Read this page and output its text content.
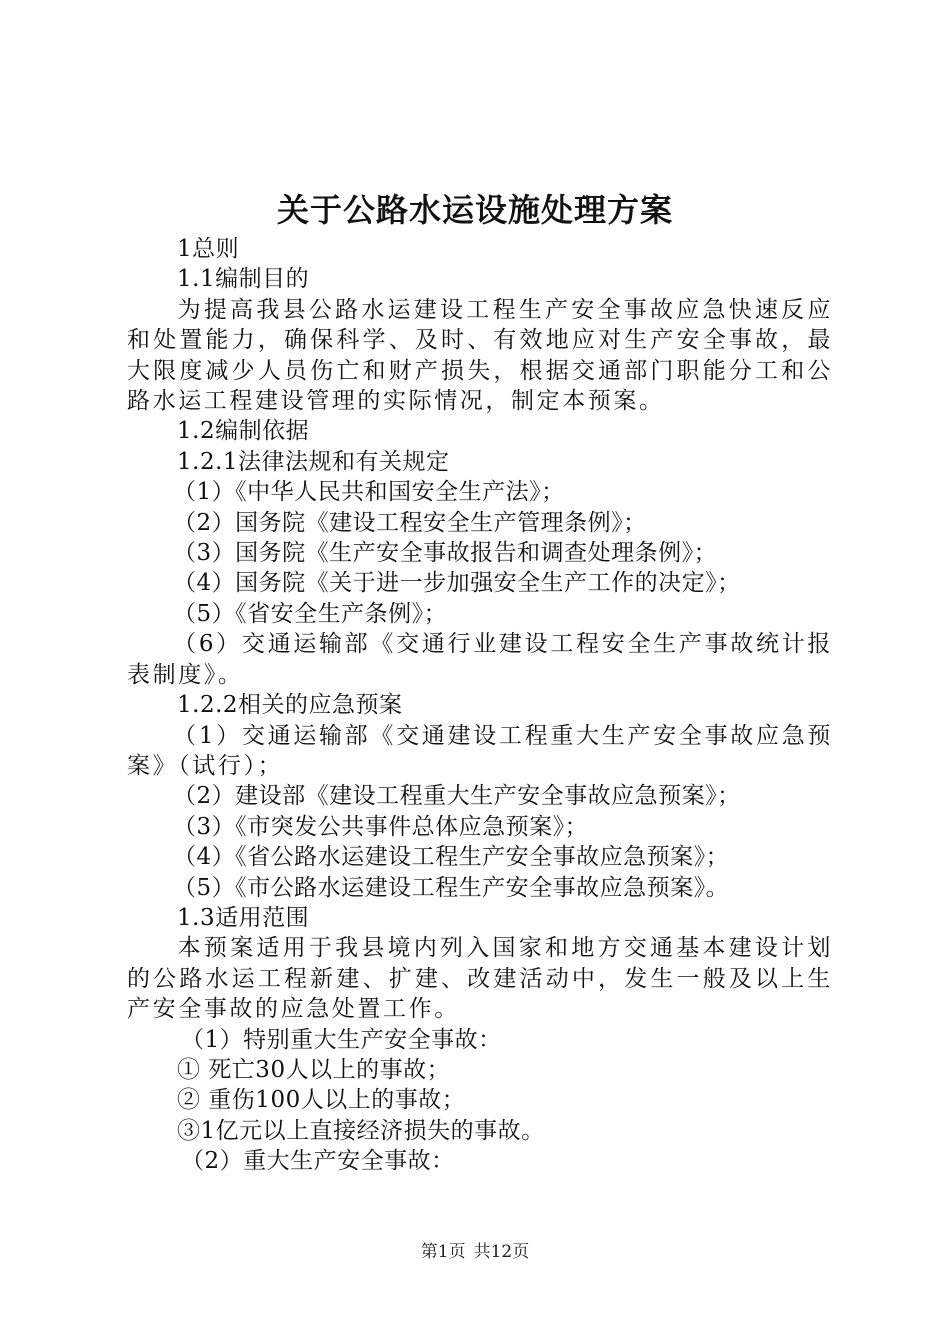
关于公路水运设施处理方案

1总则

1.1编制目的

为提高我县公路水运建设工程生产安全事故应急快速反应和处置能力，确保科学、及时、有效地应对生产安全事故，最大限度减少人员伤亡和财产损失，根据交通部门职能分工和公路水运工程建设管理的实际情况，制定本预案。

1.2编制依据

1.2.1法律法规和有关规定

（1）《中华人民共和国安全生产法》；

（2）国务院《建设工程安全生产管理条例》；

（3）国务院《生产安全事故报告和调查处理条例》；

（4）国务院《关于进一步加强安全生产工作的决定》；

（5）《省安全生产条例》；

（6）交通运输部《交通行业建设工程安全生产事故统计报表制度》。

1.2.2相关的应急预案

（1）交通运输部《交通建设工程重大生产安全事故应急预案》（试行）；

（2）建设部《建设工程重大生产安全事故应急预案》；

（3）《市突发公共事件总体应急预案》；

（4）《省公路水运建设工程生产安全事故应急预案》；

（5）《市公路水运建设工程生产安全事故应急预案》。

1.3适用范围

本预案适用于我县境内列入国家和地方交通基本建设计划的公路水运工程新建、扩建、改建活动中，发生一般及以上生产安全事故的应急处置工作。

（1）特别重大生产安全事故：

① 死亡30人以上的事故；

② 重伤100人以上的事故；

③1亿元以上直接经济损失的事故。

（2）重大生产安全事故：

第1页 共12页
